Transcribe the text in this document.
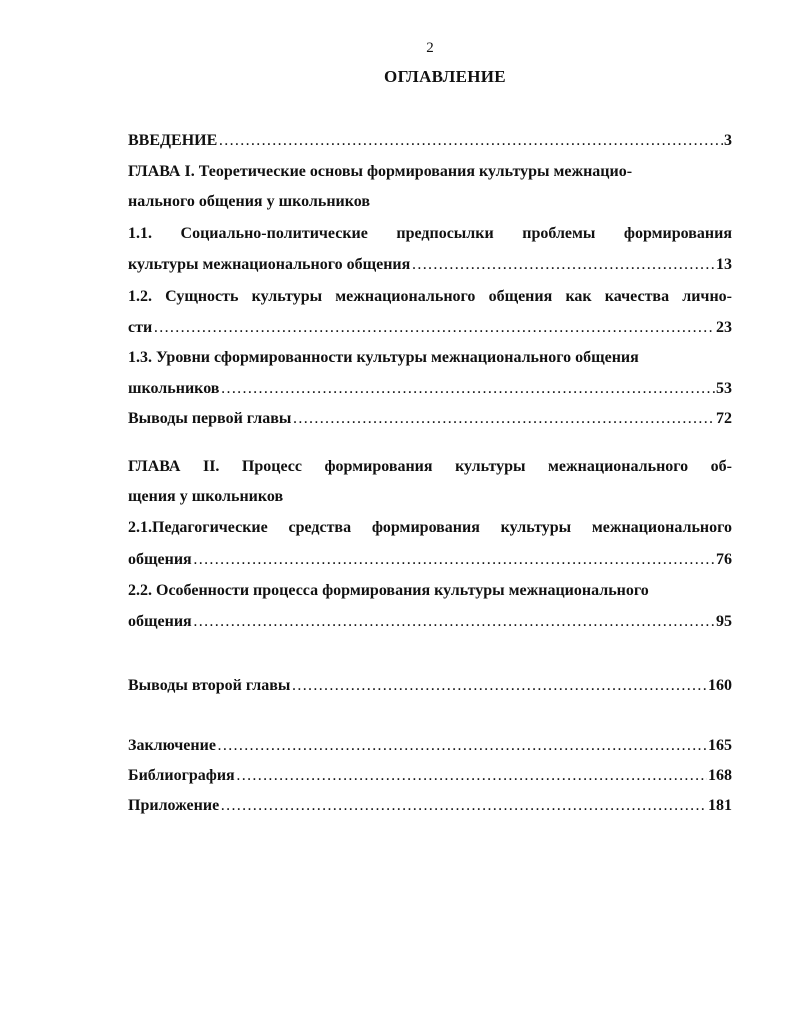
2
ОГЛАВЛЕНИЕ
ВВЕДЕНИЕ ……………………………………………………………………………………………………………………………………………………………………………	3
ГЛАВА I. Теоретические основы формирования культуры межнацио-
нального общения у школьников
1.1. Социально-политические предпосылки проблемы формирования
культуры межнационального общения ……………………………………………………………………………………………………………………………………………………………………………	13
1.2. Сущность культуры межнационального общения как качества лично-
сти ……………………………………………………………………………………………………………………………………………………………………………	23
1.3. Уровни сформированности культуры межнационального общения
школьников ……………………………………………………………………………………………………………………………………………………………………………	53
Выводы первой главы ……………………………………………………………………………………………………………………………………………………………………………	72
ГЛАВА II. Процесс формирования культуры межнационального об-
щения у школьников
2.1.Педагогические средства формирования культуры межнационального
общения ……………………………………………………………………………………………………………………………………………………………………………	76
2.2. Особенности процесса формирования культуры межнационального
общения ……………………………………………………………………………………………………………………………………………………………………………	95
Выводы второй главы ……………………………………………………………………………………………………………………………………………………………………………	160
Заключение ……………………………………………………………………………………………………………………………………………………………………………	165
Библиография ……………………………………………………………………………………………………………………………………………………………………………	168
Приложение ……………………………………………………………………………………………………………………………………………………………………………	181
